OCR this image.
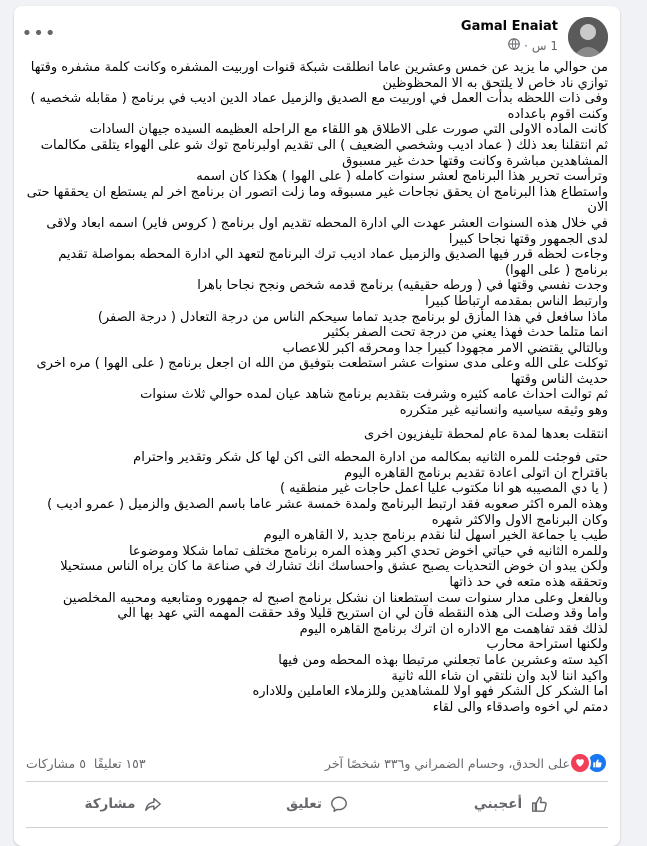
Gamal Enaiat
1 س
·
•••

من حوالي ما يزيد عن خمس وعشرين عاما انطلقت شبكة قنوات اوربيت المشفره وكانت كلمة مشفره وقتها توازي ناد خاص لا يلتحق به الا المحظوظين

وفى ذات اللحظه بدأت العمل في اوربيت مع الصديق والزميل عماد الدين اديب في برنامج ( مقابله شخصيه ) وكنت اقوم باعداده

كانت الماده الاولى التي صورت على الاطلاق هو اللقاء مع الراحله العظيمه السيده جيهان السادات

ثم انتقلنا بعد ذلك ( عماد اديب وشخصي الضعيف ) الى تقديم اولبرنامج توك شو على الهواء يتلقى مكالمات المشاهدين مباشرة وكانت وقتها حدث غير مسبوق

وترأست تحرير هذا البرنامج لعشر سنوات كامله ( على الهوا ) هكذا كان اسمه

واستطاع هذا البرنامج ان يحقق نجاحات غير مسبوقه وما زلت اتصور ان برنامج اخر لم يستطع ان يحققها حتى الان

في خلال هذه السنوات العشر عهدت الي ادارة المحطه تقديم اول برنامج ( كروس فاير) اسمه ابعاد ولاقى لدى الجمهور وقتها نجاحا كبيرا

وجاءت لحظه قرر فيها الصديق والزميل عماد اديب ترك البرنامج لتعهد الي ادارة المحطه بمواصلة تقديم برنامج ( على الهوا)

وجدت نفسي وقتها في ( ورطه حقيقيه) برنامج قدمه شخص ونجح نجاحا باهرا

وارتبط الناس بمقدمه ارتباطا كبيرا

ماذا سافعل في هذا المأزق لو برنامج جديد تماما سيحكم الناس من درجة التعادل ( درجة الصفر)

انما متلما حدث فهذا يعني من درجة تحت الصفر بكثير

وبالتالي يقتضي الامر مجهودا كبيرا جدا ومحرقه اكبر للاعصاب

توكلت على الله وعلى مدى سنوات عشر استطعت بتوفيق من الله ان اجعل برنامج ( على الهوا ) مره اخرى حديث الناس وقتها

ثم توالت احداث عامه كثيره وشرفت بتقديم برنامج شاهد عيان لمده حوالي ثلاث سنوات

وهو وثيقه سياسيه وانسانيه غير متكرره

انتقلت بعدها لمدة عام لمحطة تليفزيون اخرى

حتى فوجئت للمره الثانيه بمكالمه من ادارة المحطه التى اكن لها كل شكر وتقدير واحترام

باقتراح ان اتولى اعادة تقديم برنامج القاهره اليوم

( يا دي المصيبه هو انا مكتوب عليا اعمل حاجات غير منطقيه )

وهذه المره اكثر صعوبه فقد ارتبط البرنامج ولمدة خمسة عشر عاما باسم الصديق والزميل ( عمرو اديب ) وكان البرنامج الاول والاكثر شهره

طيب يا جماعة الخير اسهل لنا نقدم برنامج جديد ,لا القاهره اليوم

وللمره الثانيه في حياتي اخوض تحدي اكبر وهذه المره برنامج مختلف تماما شكلا وموضوعا

ولكن يبدو ان خوض التحديات يصبح عشق واحساسك انك تشارك في صناعة ما كان يراه الناس مستحيلا وتحققه هذه متعه في حد ذاتها

وبالفعل وعلى مدار سنوات ست استطعنا ان نشكل برنامج اصبح له جمهوره ومتابعيه ومحبيه المخلصين

واما وقد وصلت الى هذه النقطه فآن لي ان استريح قليلا وقد حققت المهمه التي عهد بها الي

لذلك فقد تفاهمت مع الاداره ان اترك برنامج القاهره اليوم

ولكنها استراحة محارب

اكيد سته وعشرين عاما تجعلني مرتبطا بهذه المحطه ومن فيها

واكيد اننا لابد وان نلتقي ان شاء الله ثانية

اما الشكر كل الشكر فهو اولا للمشاهدين وللزملاء العاملين وللاداره

دمتم لي اخوه واصدقاء والى لقاء

١٥٣ تعليقًا
٥ مشاركات	على الحدق، وحسام الضمراني و٣٣٦ شخصًا آخر
أعجبني
تعليق
مشاركة
